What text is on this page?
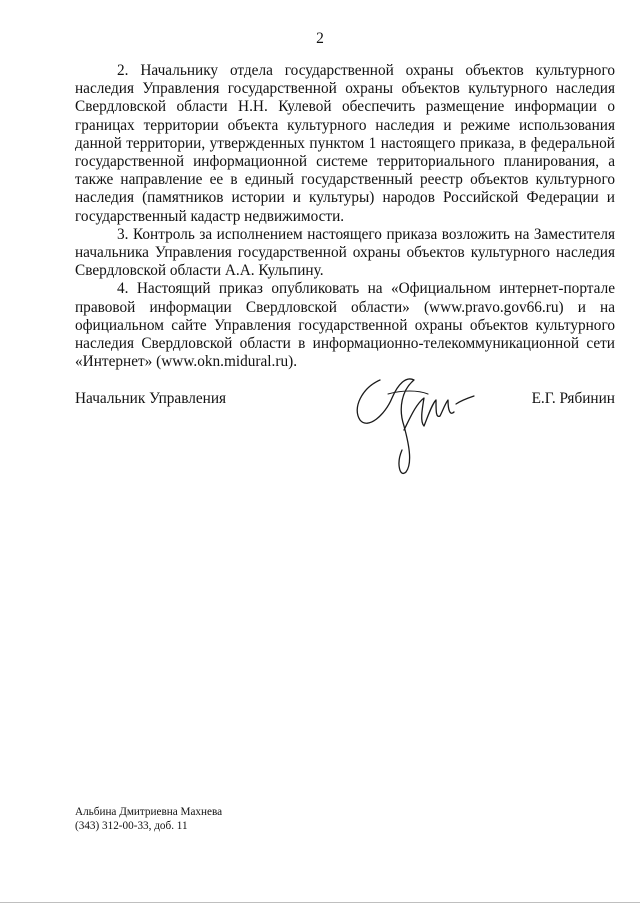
2

2. Начальнику отдела государственной охраны объектов культурного наследия Управления государственной охраны объектов культурного наследия Свердловской области Н.Н. Кулевой обеспечить размещение информации о границах территории объекта культурного наследия и режиме использования данной территории, утвержденных пунктом 1 настоящего приказа, в федеральной государственной информационной системе территориального планирования, а также направление ее в единый государственный реестр объектов культурного наследия (памятников истории и культуры) народов Российской Федерации и государственный кадастр недвижимости.

3. Контроль за исполнением настоящего приказа возложить на Заместителя начальника Управления государственной охраны объектов культурного наследия Свердловской области А.А. Кульпину.

4. Настоящий приказ опубликовать на «Официальном интернет-портале правовой информации Свердловской области» (www.pravo.gov66.ru) и на официальном сайте Управления государственной охраны объектов культурного наследия Свердловской области в информационно-телекоммуникационной сети «Интернет» (www.okn.midural.ru).

Начальник Управления	Е.Г. Рябинин
Альбина Дмитриевна Махнева
(343) 312-00-33, доб. 11
